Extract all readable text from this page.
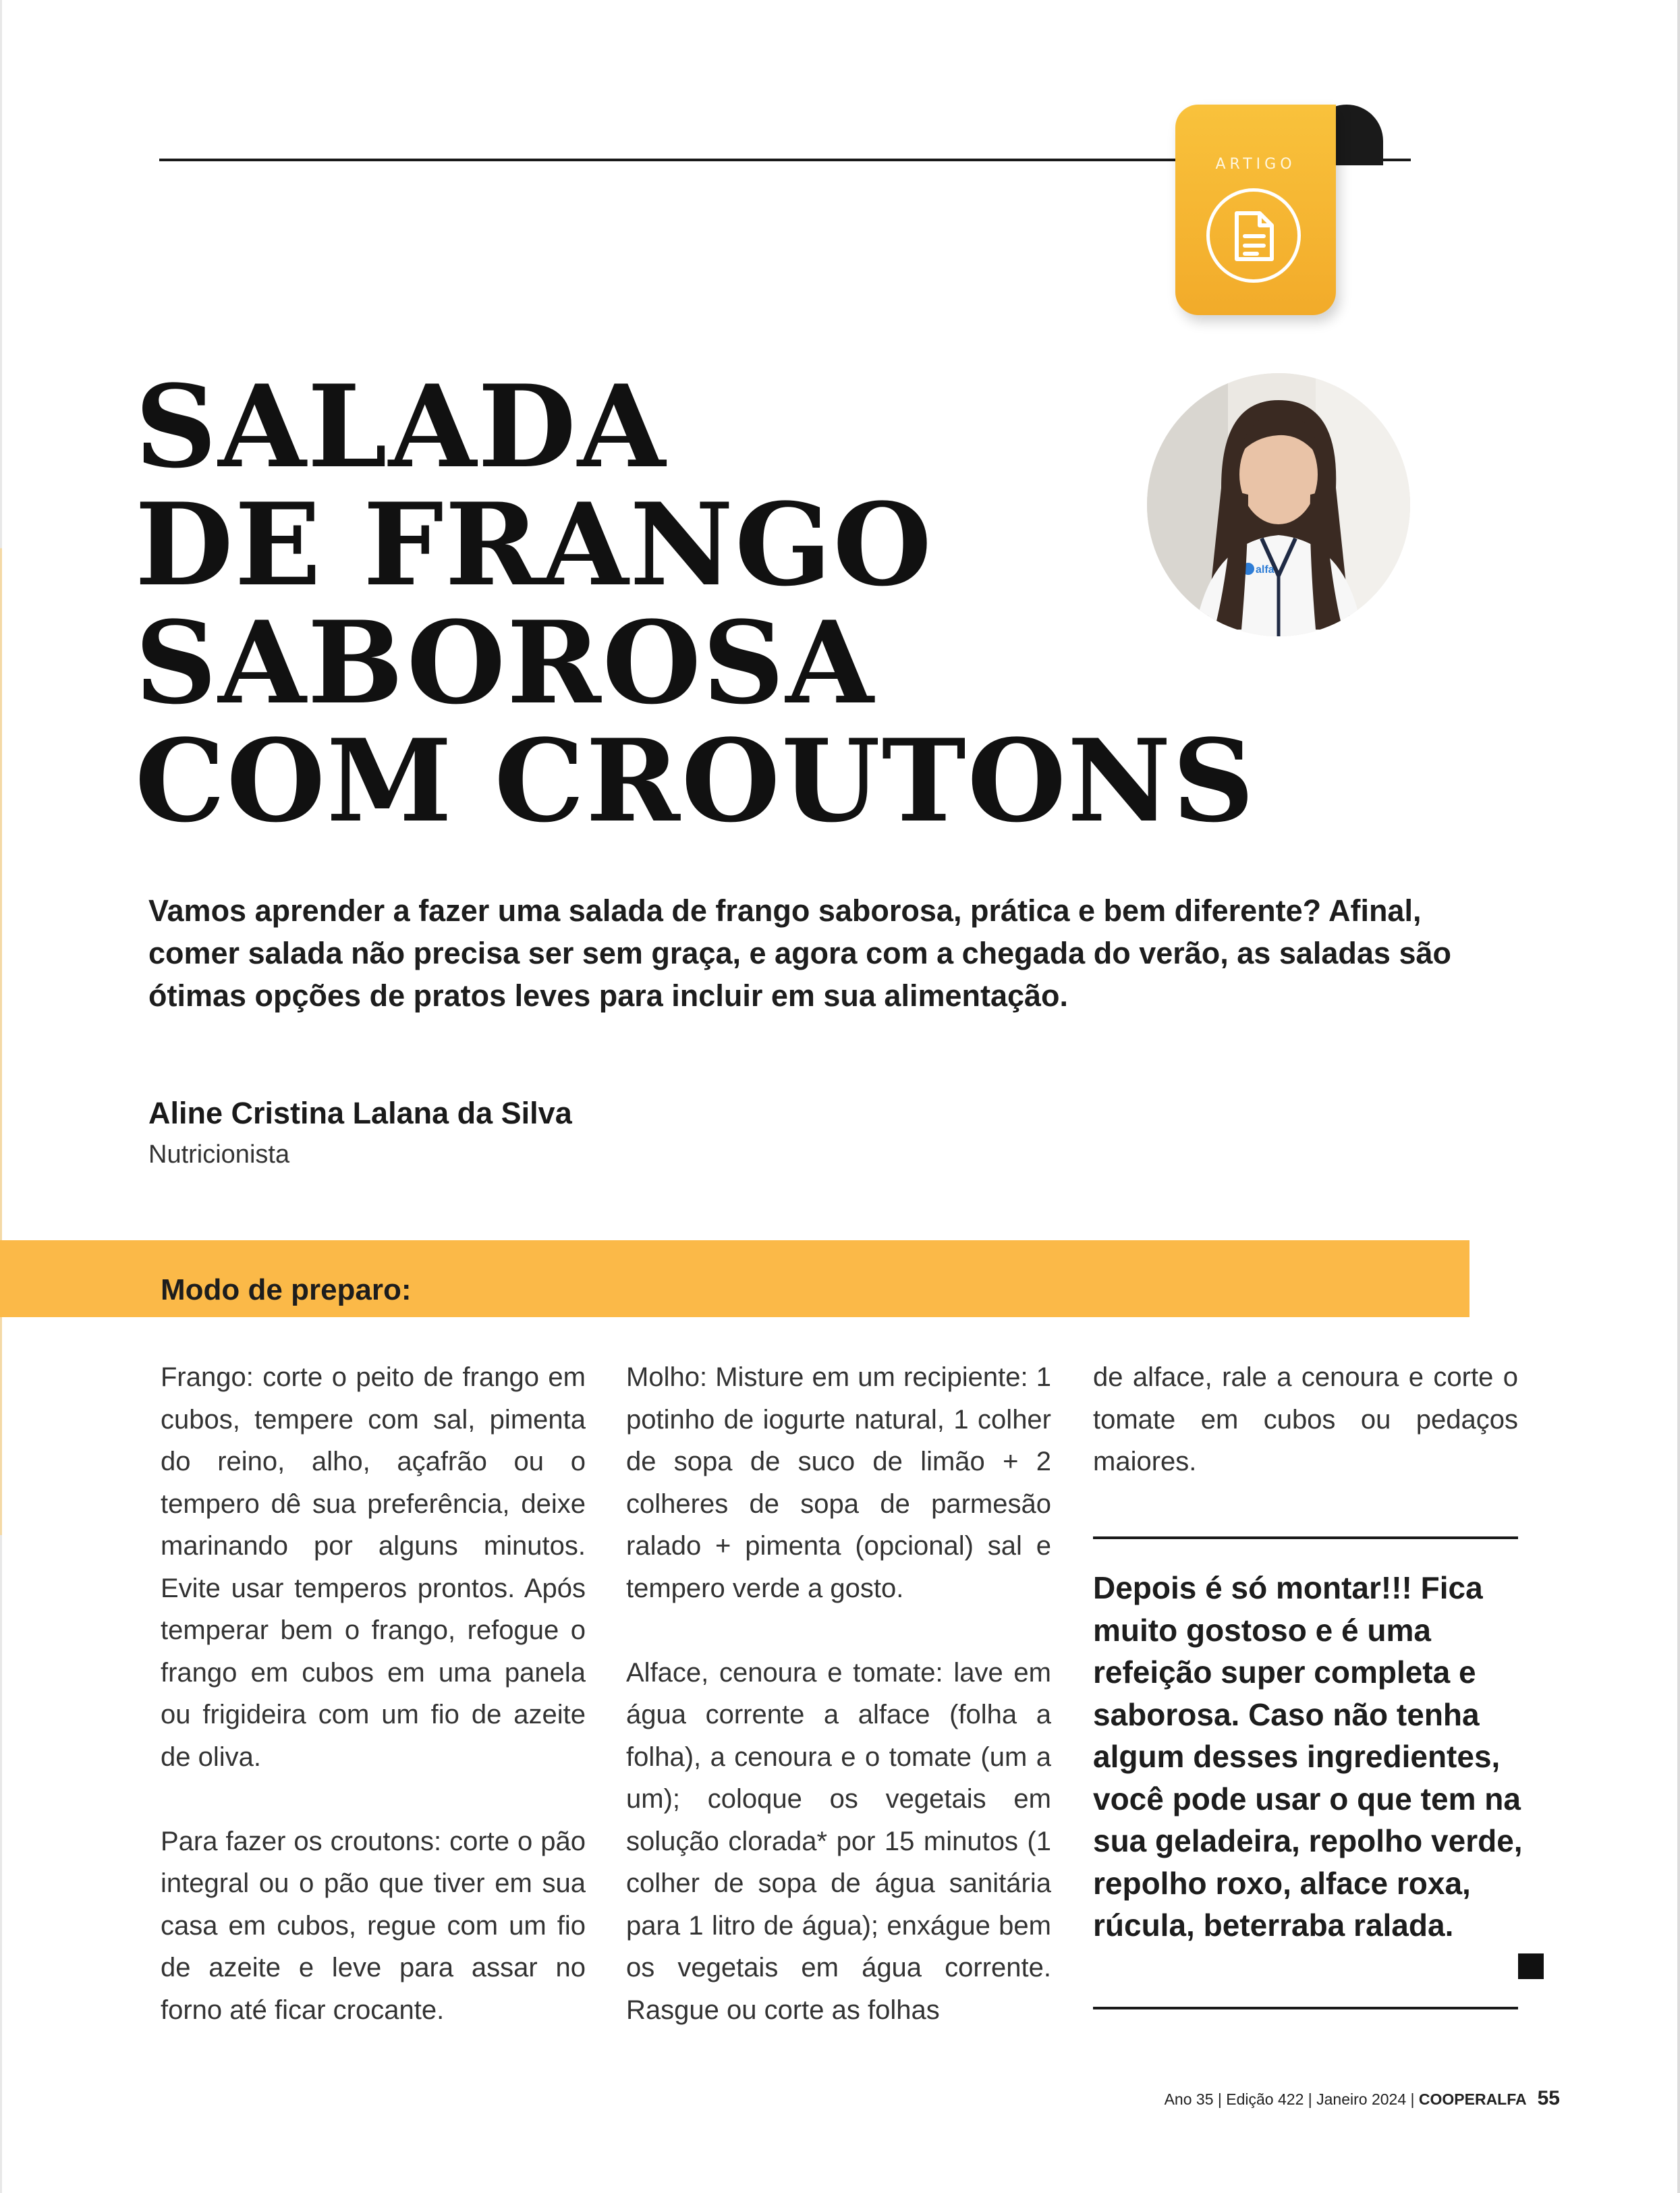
ARTIGO
SALADA
DE FRANGO
SABOROSA
COM CROUTONS
alfa

Vamos aprender a fazer uma salada de frango saborosa, prática e bem diferente? Afinal, comer salada não precisa ser sem graça, e agora com a chegada do verão, as saladas são ótimas opções de pratos leves para incluir em sua alimentação.

Aline Cristina Lalana da Silva

Nutricionista

Modo de preparo:

Frango: corte o peito de frango em cubos, tempere com sal, pimenta do reino, alho, açafrão ou o tempero dê sua preferência, deixe marinando por alguns minutos. Evite usar temperos prontos. Após temperar bem o frango, refogue o frango em cubos em uma panela ou frigideira com um fio de azeite de oliva.

Para fazer os croutons: corte o pão integral ou o pão que tiver em sua casa em cubos, regue com um fio de azeite e leve para assar no forno até ficar crocante.

Molho: Misture em um recipiente: 1 potinho de iogurte natural, 1 colher de sopa de suco de limão + 2 colheres de sopa de parmesão ralado + pimenta (opcional) sal e tempero verde a gosto.

Alface, cenoura e tomate: lave em água corrente a alface (folha a folha), a cenoura e o tomate (um a um); coloque os vegetais em solução clorada* por 15 minutos (1 colher de sopa de água sanitária para 1 litro de água); enxágue bem os vegetais em água corrente. Rasgue ou corte as folhas

de alface, rale a cenoura e corte o tomate em cubos ou pedaços maiores.

Depois é só montar!!! Fica muito gostoso e é uma refeição super completa e saborosa. Caso não tenha algum desses ingredientes, você pode usar o que tem na sua geladeira, repolho verde, repolho roxo, alface roxa, rúcula, beterraba ralada.

Ano 35 | Edição 422 | Janeiro 2024 | COOPERALFA 55
